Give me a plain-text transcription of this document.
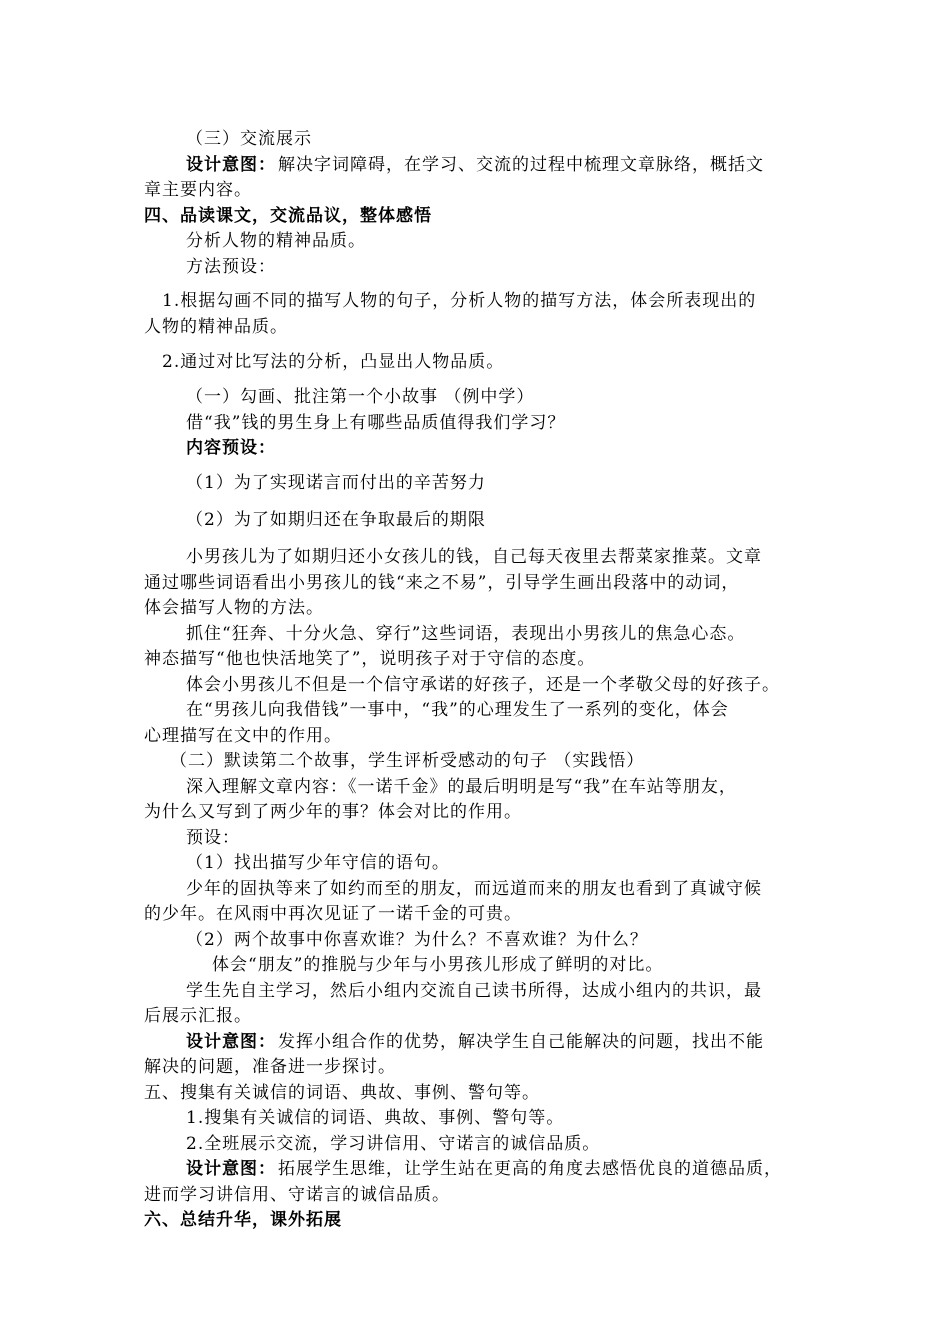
（三）交流展示
设计意图： 解决字词障碍，在学习、交流的过程中梳理文章脉络，概括文
章主要内容。
四、品读课文，交流品议，整体感悟
分析人物的精神品质。
方法预设：
1.根据勾画不同的描写人物的句子，分析人物的描写方法，体会所表现出的
人物的精神品质。
2.通过对比写法的分析，凸显出人物品质。
（一）勾画、批注第一个小故事 （例中学）
借“我”钱的男生身上有哪些品质值得我们学习？
内容预设：
（1）为了实现诺言而付出的辛苦努力
（2）为了如期归还在争取最后的期限
小男孩儿为了如期归还小女孩儿的钱，自己每天夜里去帮菜家推菜。文章
通过哪些词语看出小男孩儿的钱“来之不易”，引导学生画出段落中的动词，
体会描写人物的方法。
抓住“狂奔、十分火急、穿行”这些词语，表现出小男孩儿的焦急心态。
神态描写“他也快活地笑了”，说明孩子对于守信的态度。
体会小男孩儿不但是一个信守承诺的好孩子，还是一个孝敬父母的好孩子。
在“男孩儿向我借钱”一事中，“我”的心理发生了一系列的变化，体会
心理描写在文中的作用。
（二）默读第二个故事，学生评析受感动的句子 （实践悟）
深入理解文章内容：《一诺千金》的最后明明是写“我”在车站等朋友，
为什么又写到了两少年的事？体会对比的作用。
预设：
（1）找出描写少年守信的语句。
少年的固执等来了如约而至的朋友，而远道而来的朋友也看到了真诚守候
的少年。在风雨中再次见证了一诺千金的可贵。
（2）两个故事中你喜欢谁？为什么？不喜欢谁？为什么？
体会“朋友”的推脱与少年与小男孩儿形成了鲜明的对比。
学生先自主学习，然后小组内交流自己读书所得，达成小组内的共识，最
后展示汇报。
设计意图： 发挥小组合作的优势，解决学生自己能解决的问题，找出不能
解决的问题，准备进一步探讨。
五、搜集有关诚信的词语、典故、事例、警句等。
1.搜集有关诚信的词语、典故、事例、警句等。
2.全班展示交流，学习讲信用、守诺言的诚信品质。
设计意图： 拓展学生思维，让学生站在更高的角度去感悟优良的道德品质，
进而学习讲信用、守诺言的诚信品质。
六、总结升华，课外拓展
